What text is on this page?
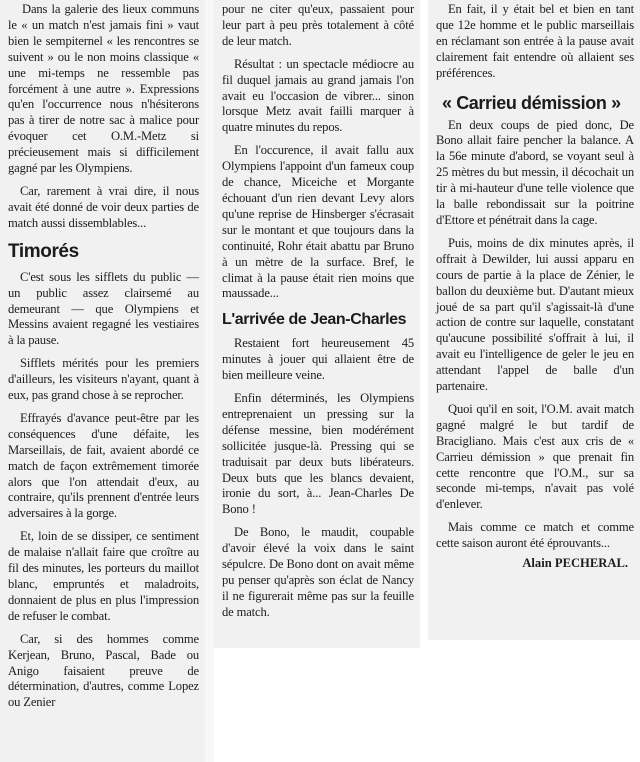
Dans la galerie des lieux communs le « un match n'est jamais fini » vaut bien le sempiternel « les rencontres se suivent » ou le non moins classique « une mi-temps ne ressemble pas forcément à une autre ». Expressions qu'en l'occurrence nous n'hésiterons pas à tirer de notre sac à malice pour évoquer cet O.M.-Metz si précieusement mais si difficilement gagné par les Olympiens.

Car, rarement à vrai dire, il nous avait été donné de voir deux parties de match aussi dissemblables...

Timorés

C'est sous les sifflets du public — un public assez clairsemé au demeurant — que Olympiens et Messins avaient regagné les vestiaires à la pause.

Sifflets mérités pour les premiers d'ailleurs, les visiteurs n'ayant, quant à eux, pas grand chose à se reprocher.

Effrayés d'avance peut-être par les conséquences d'une défaite, les Marseillais, de fait, avaient abordé ce match de façon extrêmement timorée alors que l'on attendait d'eux, au contraire, qu'ils prennent d'entrée leurs adversaires à la gorge.

Et, loin de se dissiper, ce sentiment de malaise n'allait faire que croître au fil des minutes, les porteurs du maillot blanc, empruntés et maladroits, donnaient de plus en plus l'impression de refuser le combat.

Car, si des hommes comme Kerjean, Bruno, Pascal, Bade ou Anigo faisaient preuve de détermination, d'autres, comme Lopez ou Zenier

pour ne citer qu'eux, passaient pour leur part à peu près totalement à côté de leur match.

Résultat : un spectacle médiocre au fil duquel jamais au grand jamais l'on avait eu l'occasion de vibrer... sinon lorsque Metz avait failli marquer à quatre minutes du repos.

En l'occurence, il avait fallu aux Olympiens l'appoint d'un fameux coup de chance, Miceiche et Morgante échouant d'un rien devant Levy alors qu'une reprise de Hinsberger s'écrasait sur le montant et que toujours dans la continuité, Rohr était abattu par Bruno à un mètre de la surface. Bref, le climat à la pause était rien moins que maussade...

L'arrivée de Jean-Charles

Restaient fort heureusement 45 minutes à jouer qui allaient être de bien meilleure veine.

Enfin déterminés, les Olympiens entreprenaient un pressing sur la défense messine, bien modérément sollicitée jusque-là. Pressing qui se traduisait par deux buts libérateurs. Deux buts que les blancs devaient, ironie du sort, à... Jean-Charles De Bono !

De Bono, le maudit, coupable d'avoir élevé la voix dans le saint sépulcre. De Bono dont on avait même pu penser qu'après son éclat de Nancy il ne figurerait même pas sur la feuille de match.

En fait, il y était bel et bien en tant que 12e homme et le public marseillais en réclamant son entrée à la pause avait clairement fait entendre où allaient ses préférences.

« Carrieu démission »

En deux coups de pied donc, De Bono allait faire pencher la balance. A la 56e minute d'abord, se voyant seul à 25 mètres du but messin, il décochait un tir à mi-hauteur d'une telle violence que la balle rebondissait sur la poitrine d'Ettore et pénétrait dans la cage.

Puis, moins de dix minutes après, il offrait à Dewilder, lui aussi apparu en cours de partie à la place de Zénier, le ballon du deuxième but. D'autant mieux joué de sa part qu'il s'agissait-là d'une action de contre sur laquelle, constatant qu'aucune possibilité s'offrait à lui, il avait eu l'intelligence de geler le jeu en attendant l'appel de balle d'un partenaire.

Quoi qu'il en soit, l'O.M. avait match gagné malgré le but tardif de Bracigliano. Mais c'est aux cris de « Carrieu démission » que prenait fin cette rencontre que l'O.M., sur sa seconde mi-temps, n'avait pas volé d'enlever.

Mais comme ce match et comme cette saison auront été éprouvants...

Alain PECHERAL.
